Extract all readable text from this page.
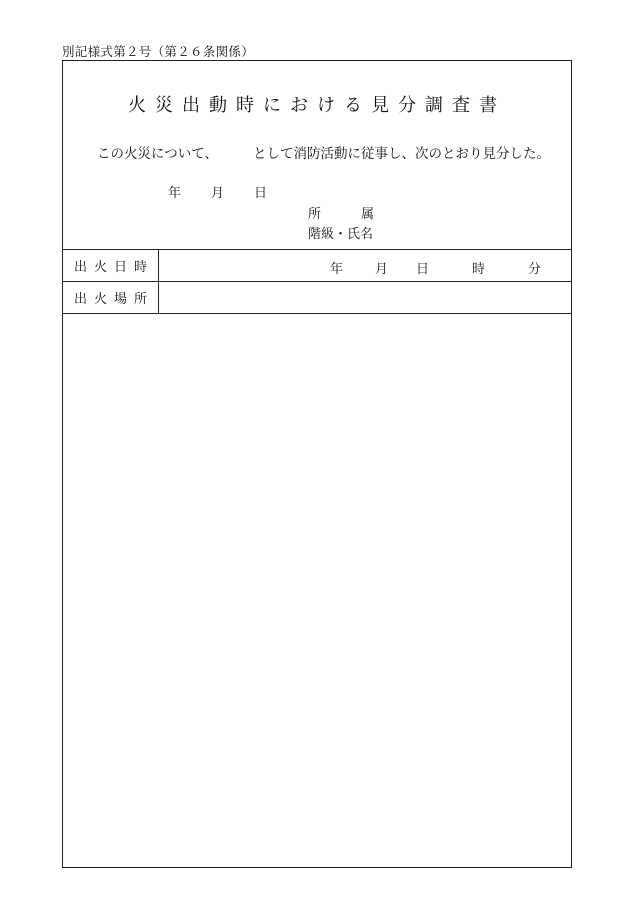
別記様式第２号（第２６条関係）
火災出動時における見分調査書
この火災について、	として消防活動に従事し、次のとおり見分した。
年 月 日
所属
階級・氏名
出火日時	年 月 日	時	分
出火場所
